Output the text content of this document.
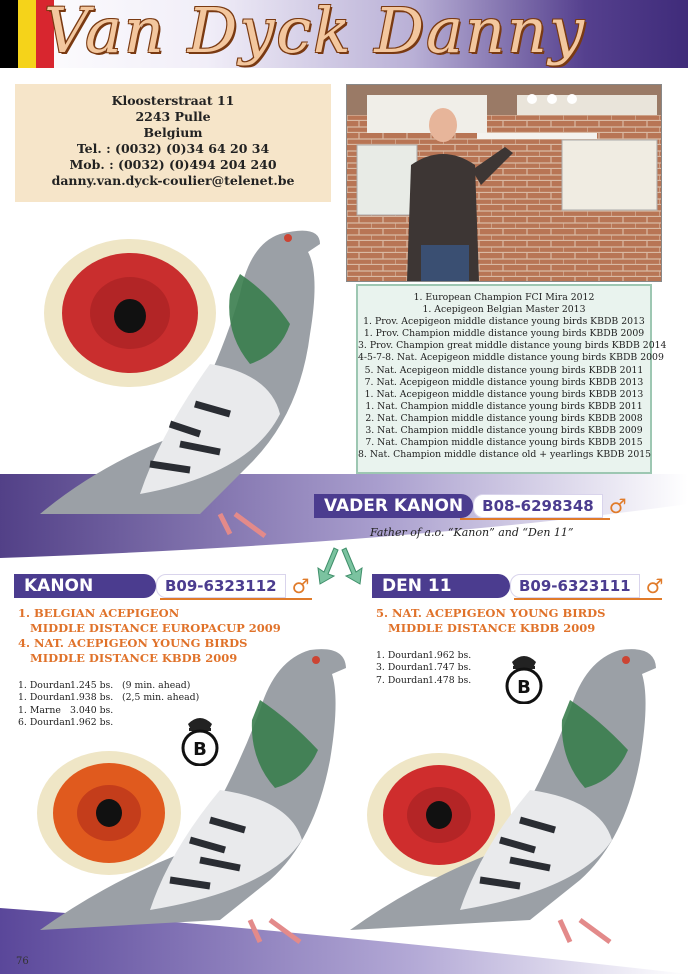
Van Dyck Danny
Kloosterstraat 11
2243 Pulle
Belgium
Tel. : (0032) (0)34 64 20 34
Mob. : (0032) (0)494 204 240
danny.van.dyck-coulier@telenet.be
1. European Champion FCI Mira 2012
1. Acepigeon Belgian Master 2013
1. Prov. Acepigeon middle distance young birds KBDB 2013
1. Prov. Champion middle distance young birds KBDB 2009
3. Prov. Champion great middle distance young birds KBDB 2014
4-5-7-8. Nat. Acepigeon middle distance young birds KBDB 2009
5. Nat. Acepigeon middle distance young birds KBDB 2011
7. Nat. Acepigeon middle distance young birds KBDB 2013
1. Nat. Acepigeon middle distance young birds KBDB 2013
1. Nat. Champion middle distance young birds KBDB 2011
2. Nat. Champion middle distance young birds KBDB 2008
3. Nat. Champion middle distance young birds KBDB 2009
7. Nat. Champion middle distance young birds KBDB 2015
8. Nat. Champion middle distance old + yearlings KBDB 2015
VADER KANON	B08-6298348 ♂
Father of a.o. “Kanon” and “Den 11”
KANON	B09-6323112 ♂	DEN 11	B09-6323111 ♂
1. BELGIAN ACEPIGEON
MIDDLE DISTANCE EUROPACUP 2009
4. NAT. ACEPIGEON YOUNG BIRDS
MIDDLE DISTANCE KBDB 2009
1. Dourdan 1.245 bs. (9 min. ahead)
1. Dourdan 1.938 bs. (2,5 min. ahead)
1. Marne 3.040 bs.
6. Dourdan 1.962 bs.
5. NAT. ACEPIGEON YOUNG BIRDS
MIDDLE DISTANCE KBDB 2009
1. Dourdan 1.962 bs.
3. Dourdan 1.747 bs.
7. Dourdan 1.478 bs.
B
B
76
